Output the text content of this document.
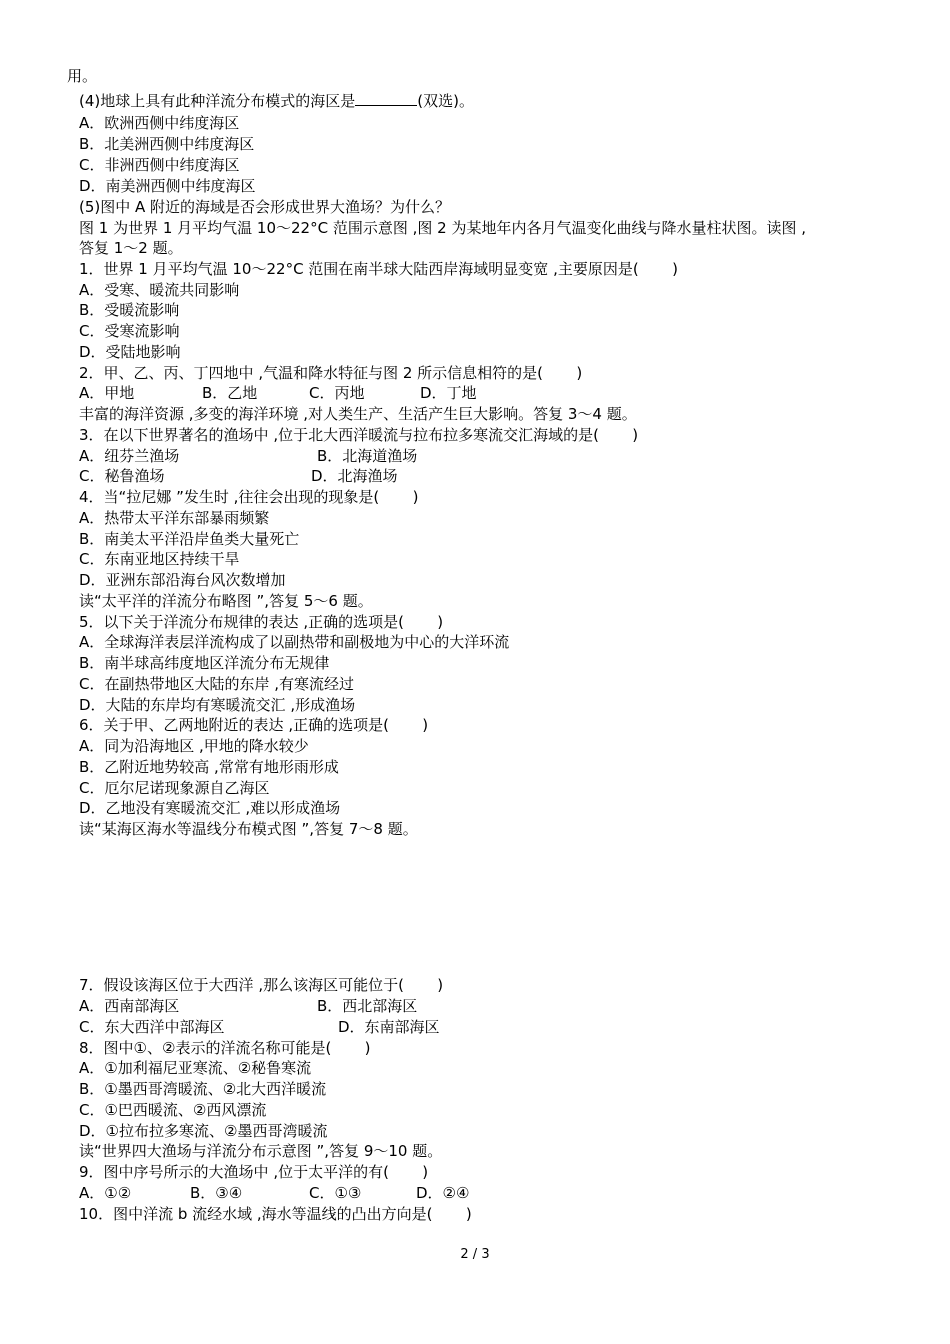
用。
(4)地球上具有此种洋流分布模式的海区是	(双选)。
A．欧洲西侧中纬度海区
B．北美洲西侧中纬度海区
C．非洲西侧中纬度海区
D．南美洲西侧中纬度海区
(5)图中 A 附近的海域是否会形成世界大渔场？为什么？
图 1 为世界 1 月平均气温 10～22°C 范围示意图 ,图 2 为某地年内各月气温变化曲线与降水量柱状图。读图 ,
答复 1～2 题。
1．世界 1 月平均气温 10～22°C 范围在南半球大陆西岸海域明显变宽 ,主要原因是(       )
A．受寒、暖流共同影响
B．受暖流影响
C．受寒流影响
D．受陆地影响
2．甲、乙、丙、丁四地中 ,气温和降水特征与图 2 所示信息相符的是(       )
A．甲地	B．乙地	C．丙地	D．丁地
丰富的海洋资源 ,多变的海洋环境 ,对人类生产、生活产生巨大影响。答复 3～4 题。
3．在以下世界著名的渔场中 ,位于北大西洋暖流与拉布拉多寒流交汇海域的是(       )
A．纽芬兰渔场	B．北海道渔场
C．秘鲁渔场	D．北海渔场
4．当“拉尼娜 ”发生时 ,往往会出现的现象是(       )
A．热带太平洋东部暴雨频繁
B．南美太平洋沿岸鱼类大量死亡
C．东南亚地区持续干旱
D．亚洲东部沿海台风次数增加
读“太平洋的洋流分布略图 ”,答复 5～6 题。
5．以下关于洋流分布规律的表达 ,正确的选项是(       )
A．全球海洋表层洋流构成了以副热带和副极地为中心的大洋环流
B．南半球高纬度地区洋流分布无规律
C．在副热带地区大陆的东岸 ,有寒流经过
D．大陆的东岸均有寒暖流交汇 ,形成渔场
6．关于甲、乙两地附近的表达 ,正确的选项是(       )
A．同为沿海地区 ,甲地的降水较少
B．乙附近地势较高 ,常常有地形雨形成
C．厄尔尼诺现象源自乙海区
D．乙地没有寒暖流交汇 ,难以形成渔场
读“某海区海水等温线分布模式图 ”,答复 7～8 题。
7．假设该海区位于大西洋 ,那么该海区可能位于(       )
A．西南部海区	B．西北部海区
C．东大西洋中部海区	D．东南部海区
8．图中①、②表示的洋流名称可能是(       )
A．①加利福尼亚寒流、②秘鲁寒流
B．①墨西哥湾暖流、②北大西洋暖流
C．①巴西暖流、②西风漂流
D．①拉布拉多寒流、②墨西哥湾暖流
读“世界四大渔场与洋流分布示意图 ”,答复 9～10 题。
9．图中序号所示的大渔场中 ,位于太平洋的有(       )
A．①②	B．③④	C．①③	D．②④
10．图中洋流 b 流经水域 ,海水等温线的凸出方向是(       )
2 / 3
